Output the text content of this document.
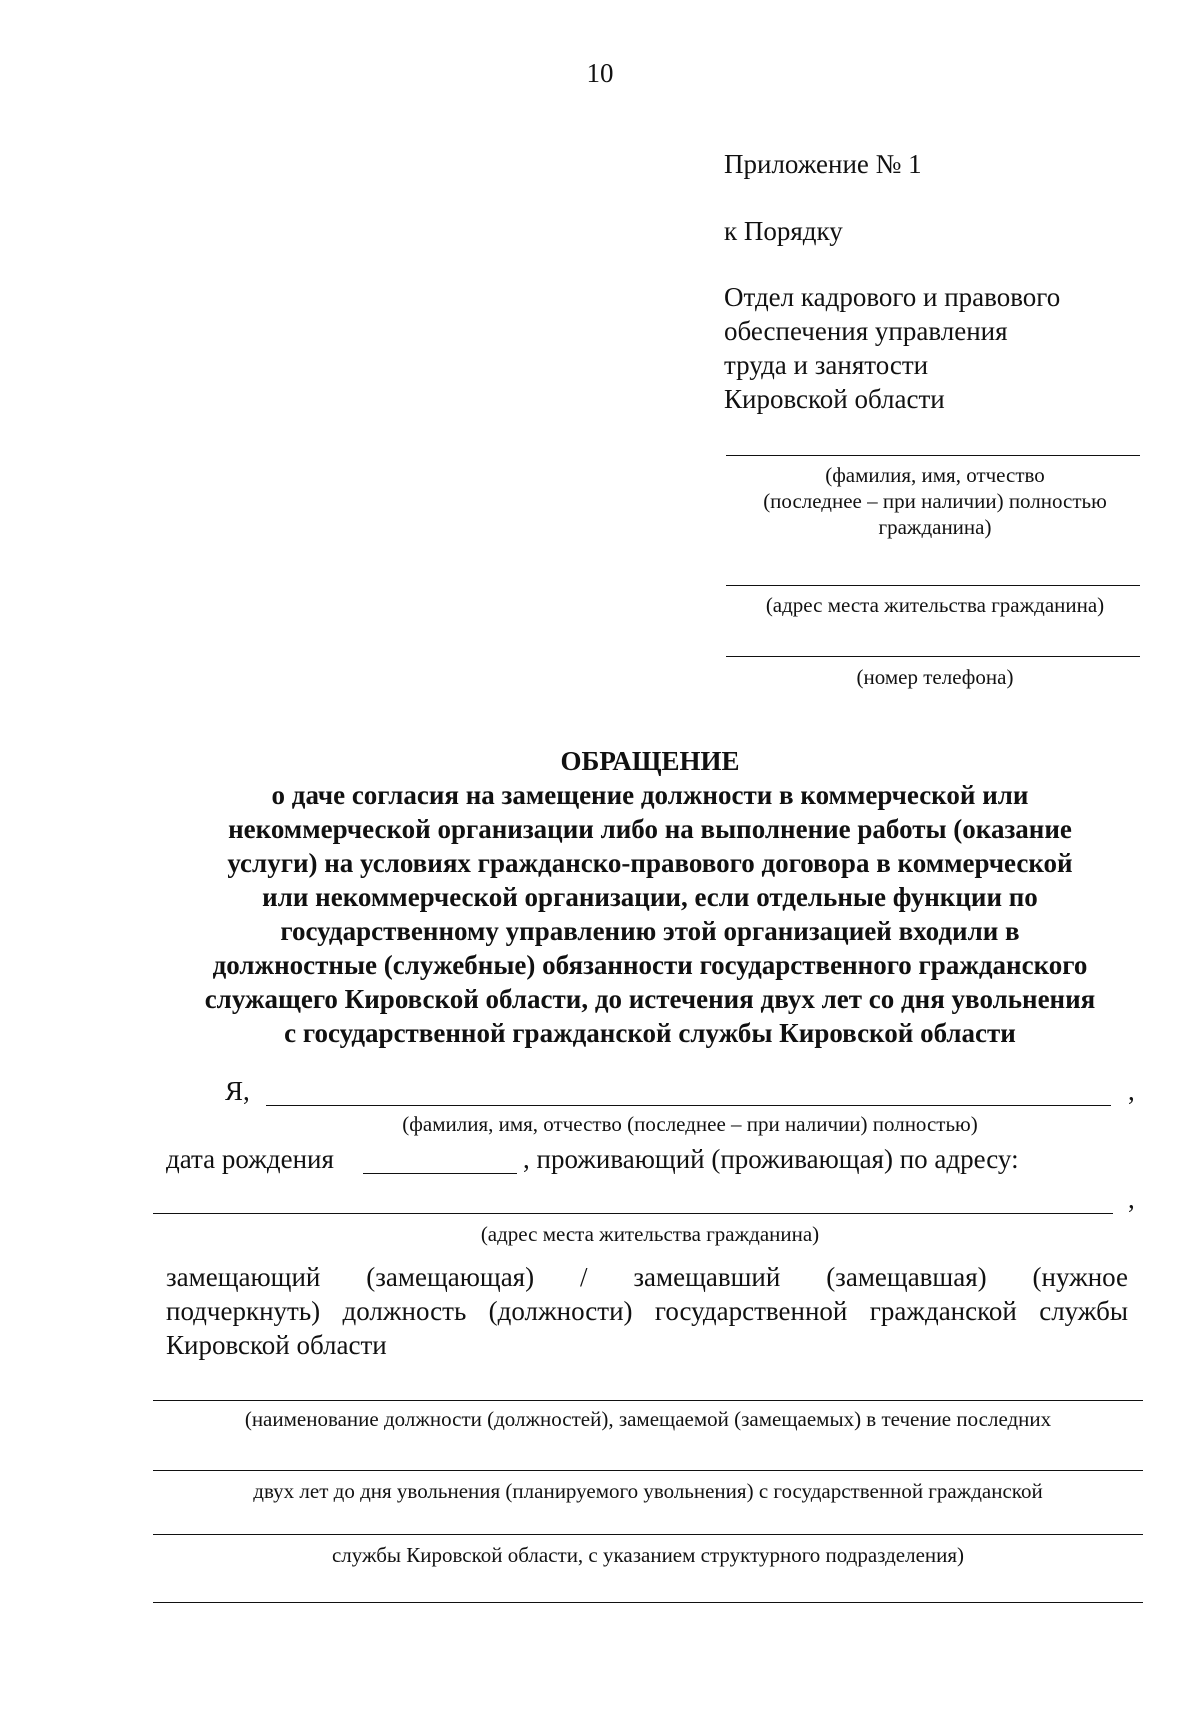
10
Приложение № 1
к Порядку
Отдел кадрового и правового
обеспечения управления
труда и занятости
Кировской области
(фамилия, имя, отчество
(последнее – при наличии) полностью
гражданина)
(адрес места жительства гражданина)
(номер телефона)
ОБРАЩЕНИЕ
о даче согласия на замещение должности в коммерческой или
некоммерческой организации либо на выполнение работы (оказание
услуги) на условиях гражданско-правового договора в коммерческой
или некоммерческой организации, если отдельные функции по
государственному управлению этой организацией входили в
должностные (служебные) обязанности государственного гражданского
служащего Кировской области, до истечения двух лет со дня увольнения
с государственной гражданской службы Кировской области
Я,	,
(фамилия, имя, отчество (последнее – при наличии) полностью)
дата рождения	, проживающий (проживающая) по адресу:
,
(адрес места жительства гражданина)
замещающий (замещающая) / замещавший (замещавшая) (нужное
подчеркнуть) должность (должности) государственной гражданской службы
Кировской области
(наименование должности (должностей), замещаемой (замещаемых) в течение последних
двух лет до дня увольнения (планируемого увольнения) с государственной гражданской
службы Кировской области, с указанием структурного подразделения)
